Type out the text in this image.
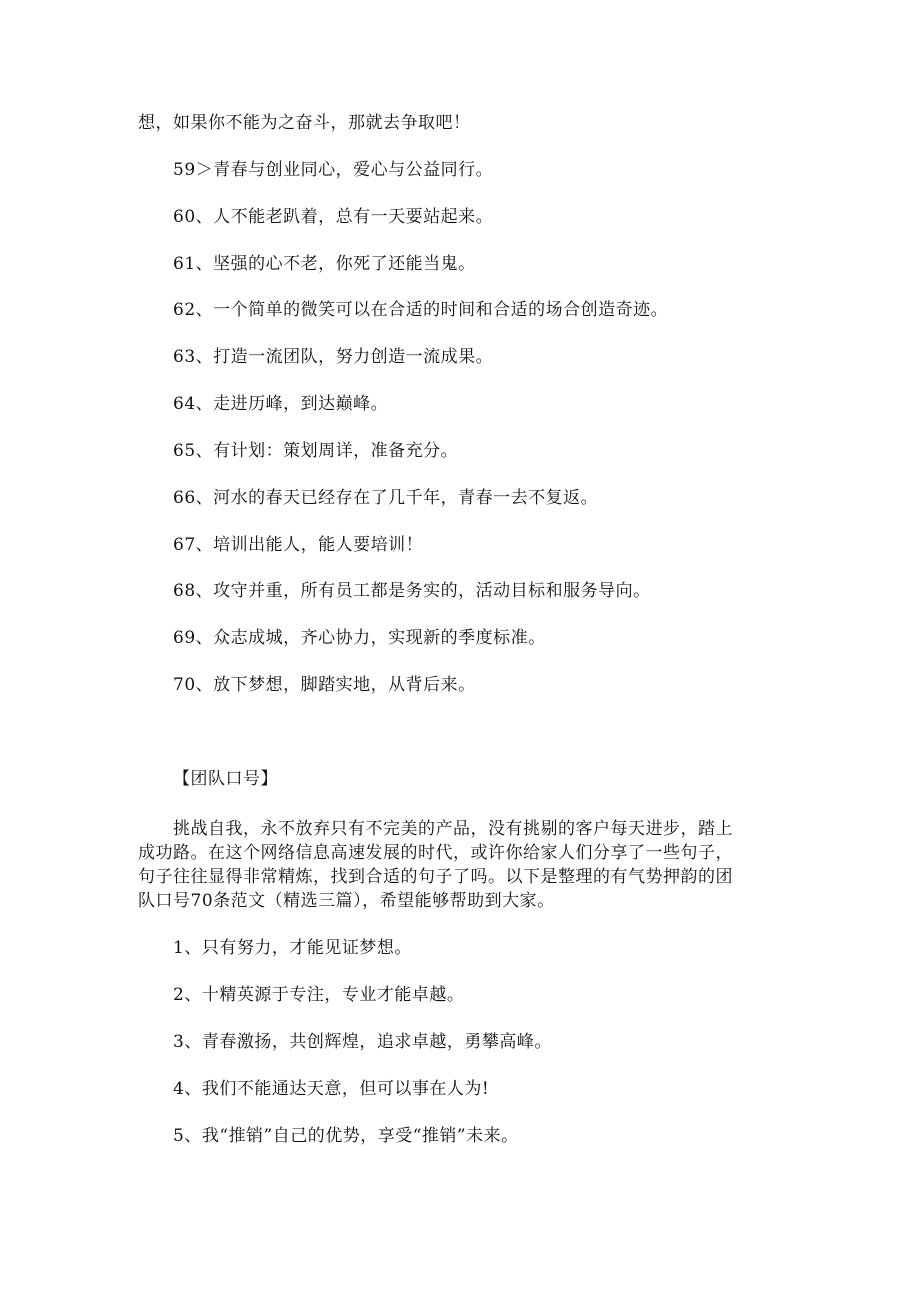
想，如果你不能为之奋斗，那就去争取吧！
59＞青春与创业同心，爱心与公益同行。
60、人不能老趴着，总有一天要站起来。
61、坚强的心不老，你死了还能当鬼。
62、一个简单的微笑可以在合适的时间和合适的场合创造奇迹。
63、打造一流团队，努力创造一流成果。
64、走进历峰，到达巅峰。
65、有计划：策划周详，准备充分。
66、河水的春天已经存在了几千年，青春一去不复返。
67、培训出能人，能人要培训！
68、攻守并重，所有员工都是务实的，活动目标和服务导向。
69、众志成城，齐心协力，实现新的季度标准。
70、放下梦想，脚踏实地，从背后来。
【团队口号】
挑战自我，永不放弃只有不完美的产品，没有挑剔的客户每天进步，踏上
成功路。在这个网络信息高速发展的时代，或许你给家人们分享了一些句子，
句子往往显得非常精炼，找到合适的句子了吗。以下是整理的有气势押韵的团
队口号70条范文（精选三篇），希望能够帮助到大家。
1、只有努力，才能见证梦想。
2、十精英源于专注，专业才能卓越。
3、青春激扬，共创辉煌，追求卓越，勇攀高峰。
4、我们不能通达天意，但可以事在人为!
5、我“推销”自己的优势，享受“推销”未来。
